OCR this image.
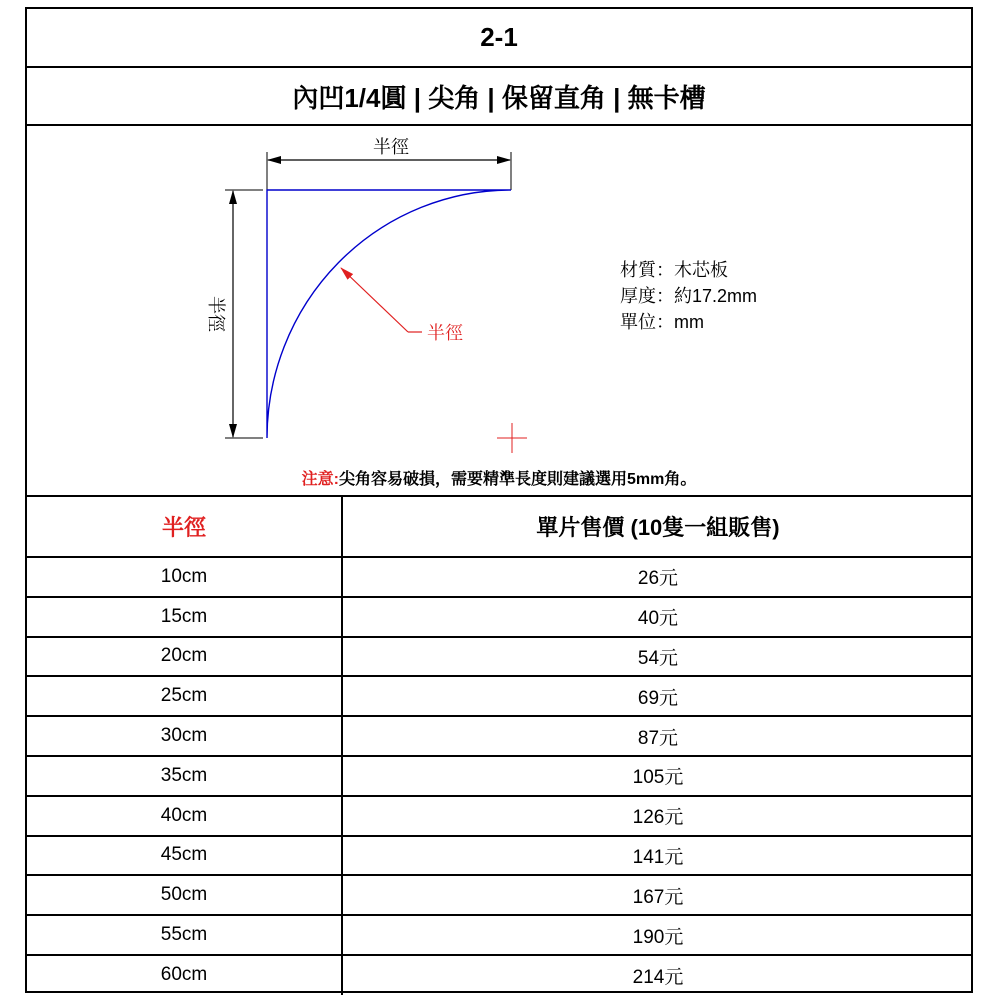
2-1
內凹1/4圓 | 尖角 | 保留直角 | 無卡槽
半徑
半徑
半徑
材質：木芯板
厚度：約17.2mm
單位：mm
注意:尖角容易破損，需要精準長度則建議選用5mm角。
半徑	單片售價 (10隻一組販售)
10cm	26元
15cm	40元
20cm	54元
25cm	69元
30cm	87元
35cm	105元
40cm	126元
45cm	141元
50cm	167元
55cm	190元
60cm	214元
